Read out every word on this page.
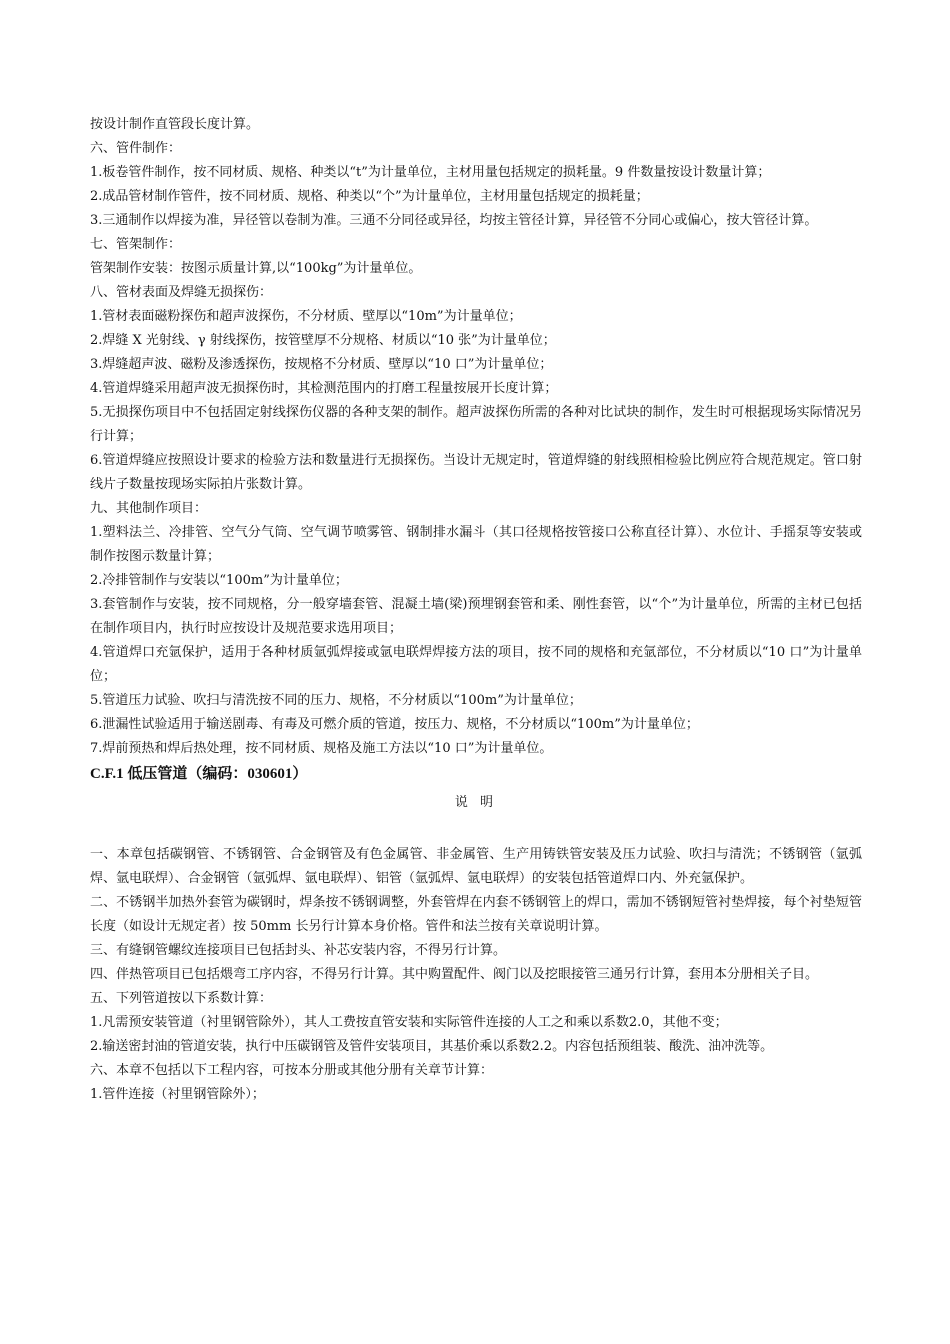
按设计制作直管段长度计算。

六、管件制作：

1.板卷管件制作，按不同材质、规格、种类以“t”为计量单位，主材用量包括规定的损耗量。9 件数量按设计数量计算；

2.成品管材制作管件，按不同材质、规格、种类以“个”为计量单位，主材用量包括规定的损耗量；

3.三通制作以焊接为准，异径管以卷制为准。三通不分同径或异径，均按主管径计算，异径管不分同心或偏心，按大管径计算。

七、管架制作：

管架制作安装：按图示质量计算,以“100kg”为计量单位。

八、管材表面及焊缝无损探伤：

1.管材表面磁粉探伤和超声波探伤，不分材质、壁厚以“10m”为计量单位；

2.焊缝 X 光射线、γ 射线探伤，按管壁厚不分规格、材质以“10 张”为计量单位；

3.焊缝超声波、磁粉及渗透探伤，按规格不分材质、壁厚以“10 口”为计量单位；

4.管道焊缝采用超声波无损探伤时，其检测范围内的打磨工程量按展开长度计算；

5.无损探伤项目中不包括固定射线探伤仪器的各种支架的制作。超声波探伤所需的各种对比试块的制作，发生时可根据现场实际情况另行计算；

6.管道焊缝应按照设计要求的检验方法和数量进行无损探伤。当设计无规定时，管道焊缝的射线照相检验比例应符合规范规定。管口射线片子数量按现场实际拍片张数计算。

九、其他制作项目：

1.塑料法兰、冷排管、空气分气筒、空气调节喷雾管、钢制排水漏斗（其口径规格按管接口公称直径计算）、水位计、手摇泵等安装或制作按图示数量计算；

2.冷排管制作与安装以“100m”为计量单位；

3.套管制作与安装，按不同规格，分一般穿墙套管、混凝土墙(梁)预埋钢套管和柔、刚性套管，以“个”为计量单位，所需的主材已包括在制作项目内，执行时应按设计及规范要求选用项目；

4.管道焊口充氩保护，适用于各种材质氩弧焊接或氩电联焊焊接方法的项目，按不同的规格和充氩部位，不分材质以“10 口”为计量单位；

5.管道压力试验、吹扫与清洗按不同的压力、规格，不分材质以“100m”为计量单位；

6.泄漏性试验适用于输送剧毒、有毒及可燃介质的管道，按压力、规格，不分材质以“100m”为计量单位；

7.焊前预热和焊后热处理，按不同材质、规格及施工方法以“10 口”为计量单位。

C.F.1 低压管道（编码：030601）

说 明

一、本章包括碳钢管、不锈钢管、合金钢管及有色金属管、非金属管、生产用铸铁管安装及压力试验、吹扫与清洗；不锈钢管（氩弧焊、氩电联焊）、合金钢管（氩弧焊、氩电联焊）、铝管（氩弧焊、氩电联焊）的安装包括管道焊口内、外充氩保护。

二、不锈钢半加热外套管为碳钢时，焊条按不锈钢调整，外套管焊在内套不锈钢管上的焊口，需加不锈钢短管衬垫焊接，每个衬垫短管长度（如设计无规定者）按 50mm 长另行计算本身价格。管件和法兰按有关章说明计算。

三、有缝钢管螺纹连接项目已包括封头、补芯安装内容，不得另行计算。

四、伴热管项目已包括煨弯工序内容，不得另行计算。其中购置配件、阀门以及挖眼接管三通另行计算，套用本分册相关子目。

五、下列管道按以下系数计算：

1.凡需预安装管道（衬里钢管除外），其人工费按直管安装和实际管件连接的人工之和乘以系数2.0，其他不变；

2.输送密封油的管道安装，执行中压碳钢管及管件安装项目，其基价乘以系数2.2。内容包括预组装、酸洗、油冲洗等。

六、本章不包括以下工程内容，可按本分册或其他分册有关章节计算：

1.管件连接（衬里钢管除外）；
